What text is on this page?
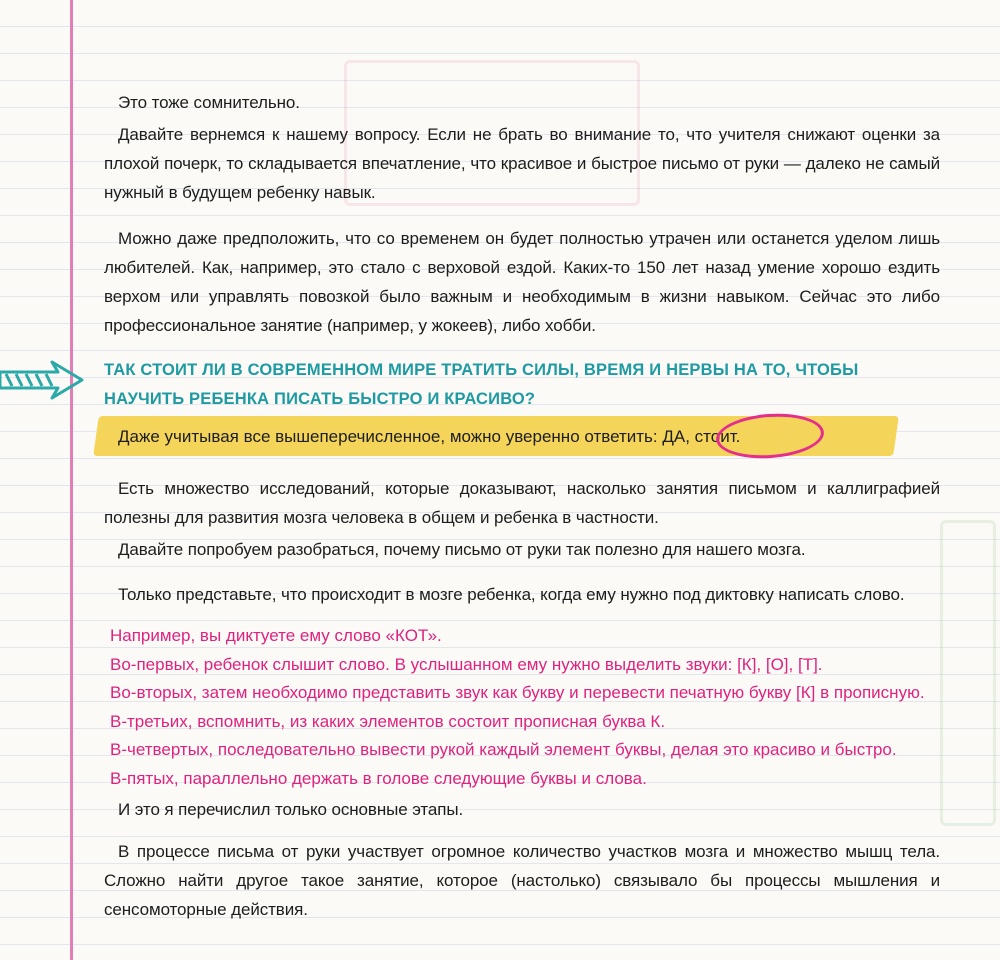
Это тоже сомнительно.

Давайте вернемся к нашему вопросу. Если не брать во внимание то, что учителя снижают оценки за плохой почерк, то складывается впечатление, что красивое и быстрое письмо от руки — далеко не самый нужный в будущем ребенку навык.

Можно даже предположить, что со временем он будет полностью утрачен или останется уделом лишь любителей. Как, например, это стало с верховой ездой. Каких-то 150 лет назад умение хорошо ездить верхом или управлять повозкой было важным и необходимым в жизни навыком. Сейчас это либо профессиональное занятие (например, у жокеев), либо хобби.

ТАК СТОИТ ЛИ В СОВРЕМЕННОМ МИРЕ ТРАТИТЬ СИЛЫ, ВРЕМЯ И НЕРВЫ НА ТО, ЧТОБЫ НАУЧИТЬ РЕБЕНКА ПИСАТЬ БЫСТРО И КРАСИВО?

Даже учитывая все вышеперечисленное, можно уверенно ответить: ДА, стоит.

Есть множество исследований, которые доказывают, насколько занятия письмом и каллиграфией полезны для развития мозга человека в общем и ребенка в частности.

Давайте попробуем разобраться, почему письмо от руки так полезно для нашего мозга.

Только представьте, что происходит в мозге ребенка, когда ему нужно под диктовку написать слово.

Например, вы диктуете ему слово «КОТ».
Во-первых, ребенок слышит слово. В услышанном ему нужно выделить звуки: [К], [О], [Т].
Во-вторых, затем необходимо представить звук как букву и перевести печатную букву [К] в прописную.
В-третьих, вспомнить, из каких элементов состоит прописная буква К.
В-четвертых, последовательно вывести рукой каждый элемент буквы, делая это красиво и быстро.
В-пятых, параллельно держать в голове следующие буквы и слова.

И это я перечислил только основные этапы.

В процессе письма от руки участвует огромное количество участков мозга и множество мышц тела. Сложно найти другое такое занятие, которое (настолько) связывало бы процессы мышления и сенсомоторные действия.
